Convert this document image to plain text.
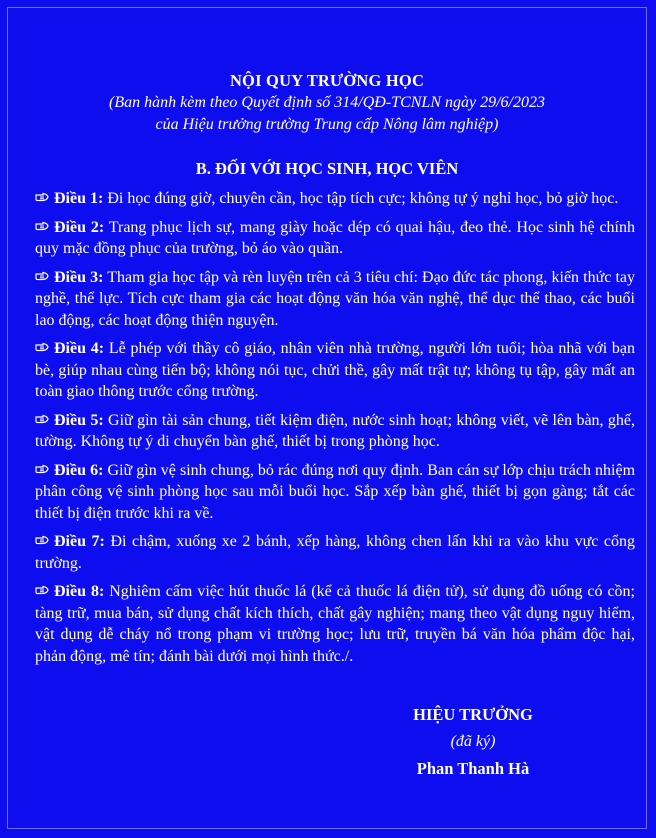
NỘI QUY TRƯỜNG HỌC
(Ban hành kèm theo Quyết định số 314/QĐ-TCNLN ngày 29/6/2023
của Hiệu trưởng trường Trung cấp Nông lâm nghiệp)
B. ĐỐI VỚI HỌC SINH, HỌC VIÊN
Điều 1: Đi học đúng giờ, chuyên cần, học tập tích cực; không tự ý nghỉ học, bỏ giờ học.
Điều 2: Trang phục lịch sự, mang giày hoặc dép có quai hậu, đeo thẻ. Học sinh hệ chính quy mặc đồng phục của trường, bỏ áo vào quần.
Điều 3: Tham gia học tập và rèn luyện trên cả 3 tiêu chí: Đạo đức tác phong, kiến thức tay nghề, thể lực. Tích cực tham gia các hoạt động văn hóa văn nghệ, thể dục thể thao, các buổi lao động, các hoạt động thiện nguyện.
Điều 4: Lễ phép với thầy cô giáo, nhân viên nhà trường, người lớn tuổi; hòa nhã với bạn bè, giúp nhau cùng tiến bộ; không nói tục, chửi thề, gây mất trật tự; không tụ tập, gây mất an toàn giao thông trước cổng trường.
Điều 5: Giữ gìn tài sản chung, tiết kiệm điện, nước sinh hoạt; không viết, vẽ lên bàn, ghế, tường. Không tự ý di chuyển bàn ghế, thiết bị trong phòng học.
Điều 6: Giữ gìn vệ sinh chung, bỏ rác đúng nơi quy định. Ban cán sự lớp chịu trách nhiệm phân công vệ sinh phòng học sau mỗi buổi học. Sắp xếp bàn ghế, thiết bị gọn gàng; tắt các thiết bị điện trước khi ra về.
Điều 7: Đi chậm, xuống xe 2 bánh, xếp hàng, không chen lấn khi ra vào khu vực cổng trường.
Điều 8: Nghiêm cấm việc hút thuốc lá (kể cả thuốc lá điện tử), sử dụng đồ uống có cồn; tàng trữ, mua bán, sử dụng chất kích thích, chất gây nghiện; mang theo vật dụng nguy hiểm, vật dụng dễ cháy nổ trong phạm vi trường học; lưu trữ, truyền bá văn hóa phẩm độc hại, phản động, mê tín; đánh bài dưới mọi hình thức./.
HIỆU TRƯỞNG
(đã ký)
Phan Thanh Hà
